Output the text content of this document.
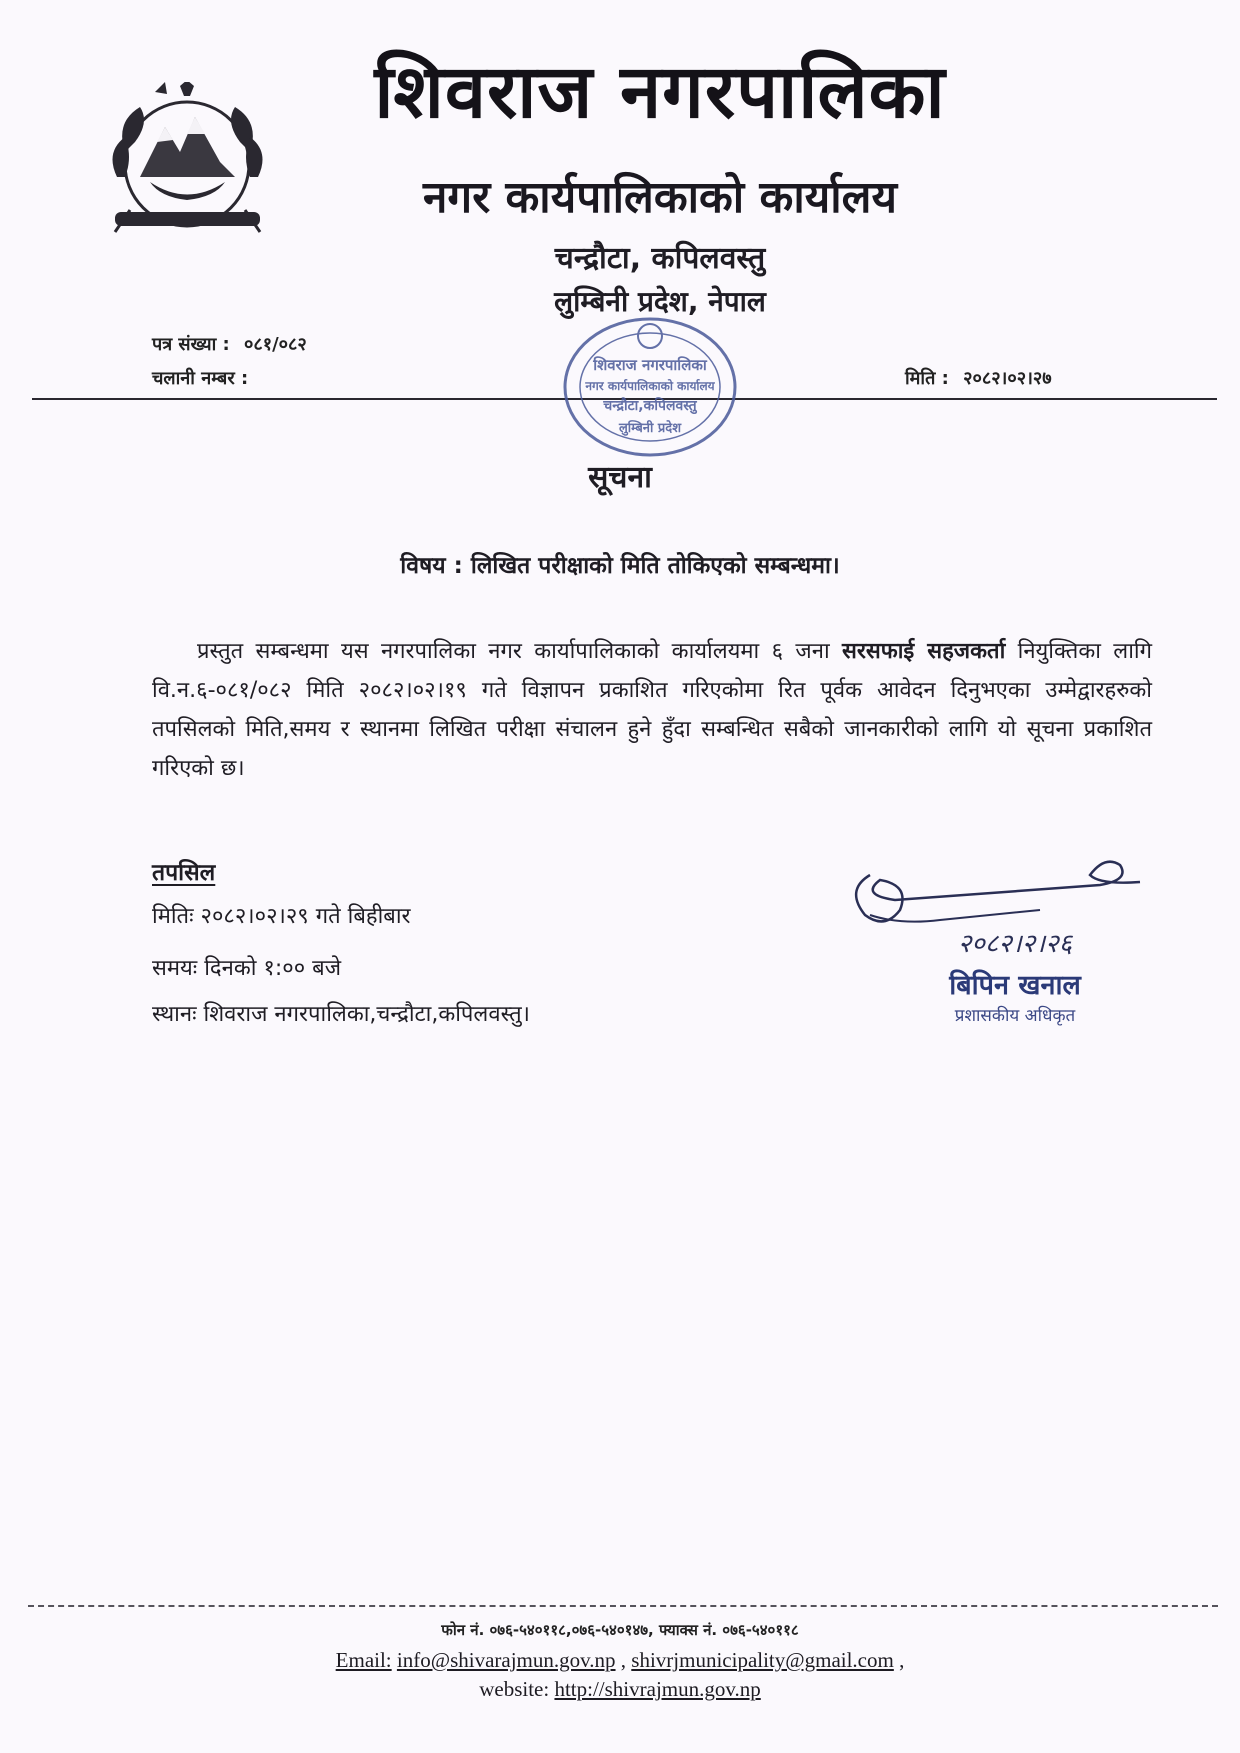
शिवराज नगरपालिका
नगर कार्यपालिकाको कार्यालय
चन्द्रौटा, कपिलवस्तु
लुम्बिनी प्रदेश, नेपाल
पत्र संख्या : ०८१/०८२
चलानी नम्बर :	मिति : २०८२।०२।२७
शिवराज नगरपालिका
नगर कार्यपालिकाको कार्यालय
चन्द्रौटा,कपिलवस्तु
लुम्बिनी प्रदेश
सूचना
विषय : लिखित परीक्षाको मिति तोकिएको सम्बन्धमा।
प्रस्तुत सम्बन्धमा यस नगरपालिका नगर कार्यापालिकाको कार्यालयमा ६ जना सरसफाई सहजकर्ता नियुक्तिका लागि वि.न.६-०८१/०८२ मिति २०८२।०२।१९ गते विज्ञापन प्रकाशित गरिएकोमा रित पूर्वक आवेदन दिनुभएका उम्मेद्वारहरुको तपसिलको मिति,समय र स्थानमा लिखित परीक्षा संचालन हुने हुँदा सम्बन्धित सबैको जानकारीको लागि यो सूचना प्रकाशित गरिएको छ।
तपसिल
मितिः २०८२।०२।२९ गते बिहीबार
समयः दिनको १:०० बजे
स्थानः शिवराज नगरपालिका,चन्द्रौटा,कपिलवस्तु।
२०८२।२।२६
बिपिन खनाल
प्रशासकीय अधिकृत
फोन नं. ०७६-५४०११८,०७६-५४०१४७, फ्याक्स नं. ०७६-५४०११८
Email: info@shivarajmun.gov.np , shivrjmunicipality@gmail.com ,
website: http://shivrajmun.gov.np
